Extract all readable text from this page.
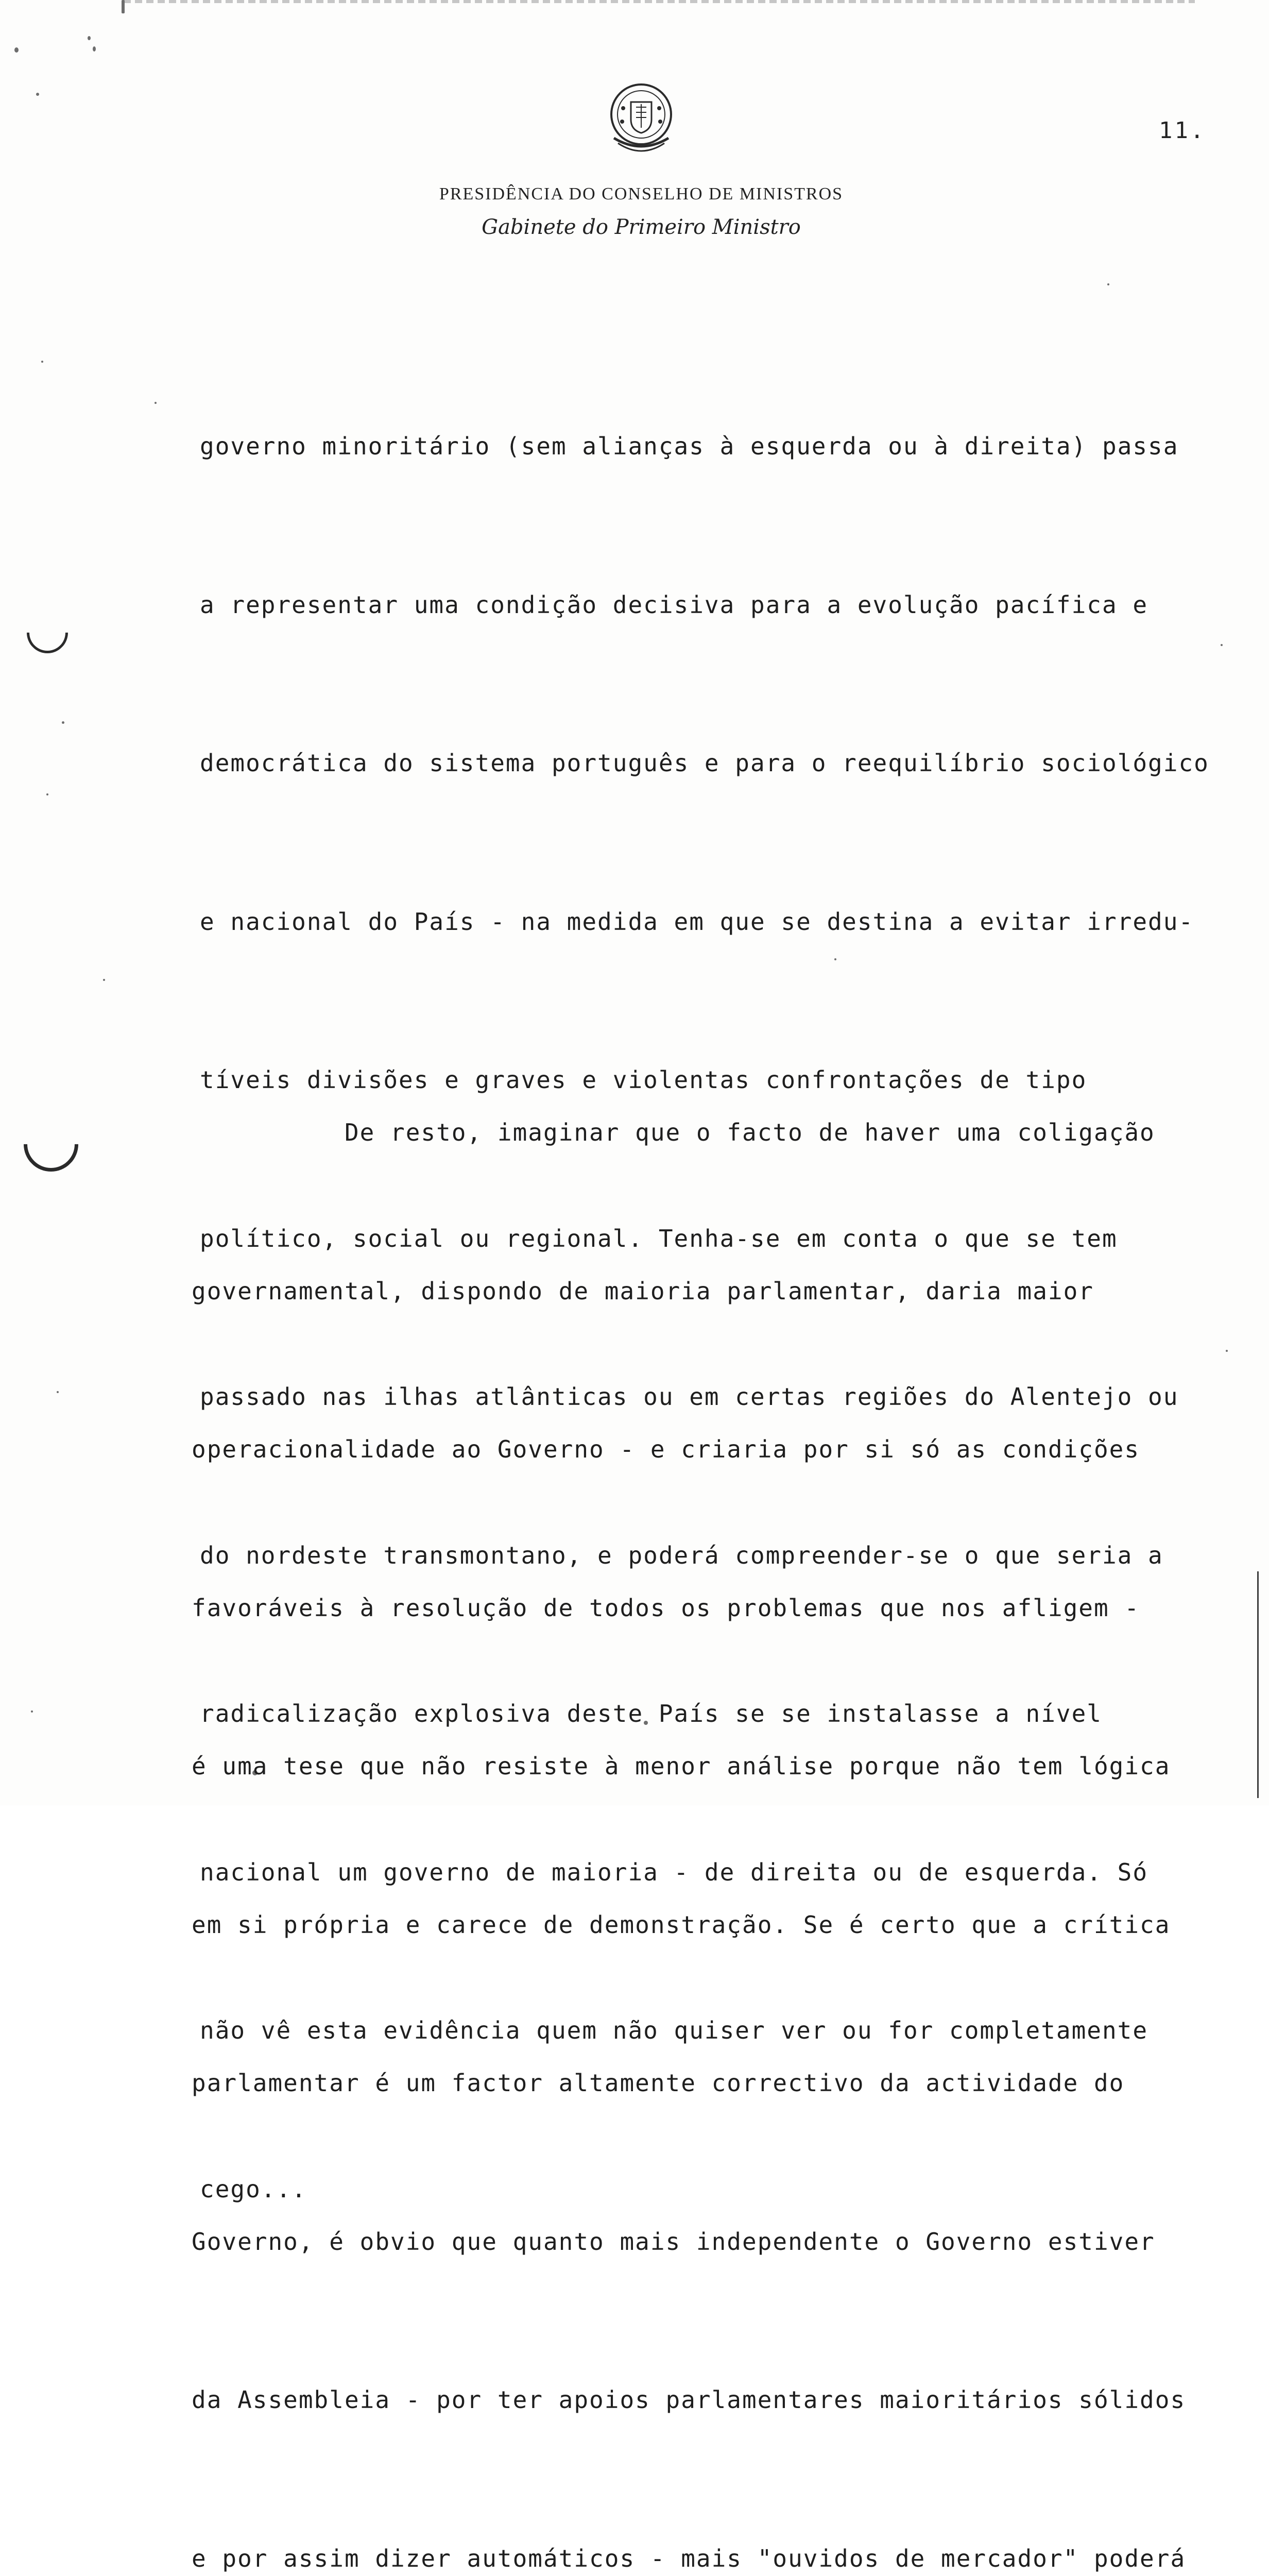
11.
PRESIDÊNCIA DO CONSELHO DE MINISTROS
Gabinete do Primeiro Ministro

governo minoritário (sem alianças à esquerda ou à direita) passa

a representar uma condição decisiva para a evolução pacífica e

democrática do sistema português e para o reequilíbrio sociológico

e nacional do País - na medida em que se destina a evitar irredu-

tíveis divisões e graves e violentas confrontações de tipo

político, social ou regional. Tenha-se em conta o que se tem

passado nas ilhas atlânticas ou em certas regiões do Alentejo ou

do nordeste transmontano, e poderá compreender-se o que seria a

radicalização explosiva deste País se se instalasse a nível

nacional um governo de maioria - de direita ou de esquerda. Só

não vê esta evidência quem não quiser ver ou for completamente

cego...

De resto, imaginar que o facto de haver uma coligação

governamental, dispondo de maioria parlamentar, daria maior

operacionalidade ao Governo - e criaria por si só as condições

favoráveis à resolução de todos os problemas que nos afligem -

é uma tese que não resiste à menor análise porque não tem lógica

em si própria e carece de demonstração. Se é certo que a crítica

parlamentar é um factor altamente correctivo da actividade do

Governo, é obvio que quanto mais independente o Governo estiver

da Assembleia - por ter apoios parlamentares maioritários sólidos

e por assim dizer automáticos - mais "ouvidos de mercador" poderá
